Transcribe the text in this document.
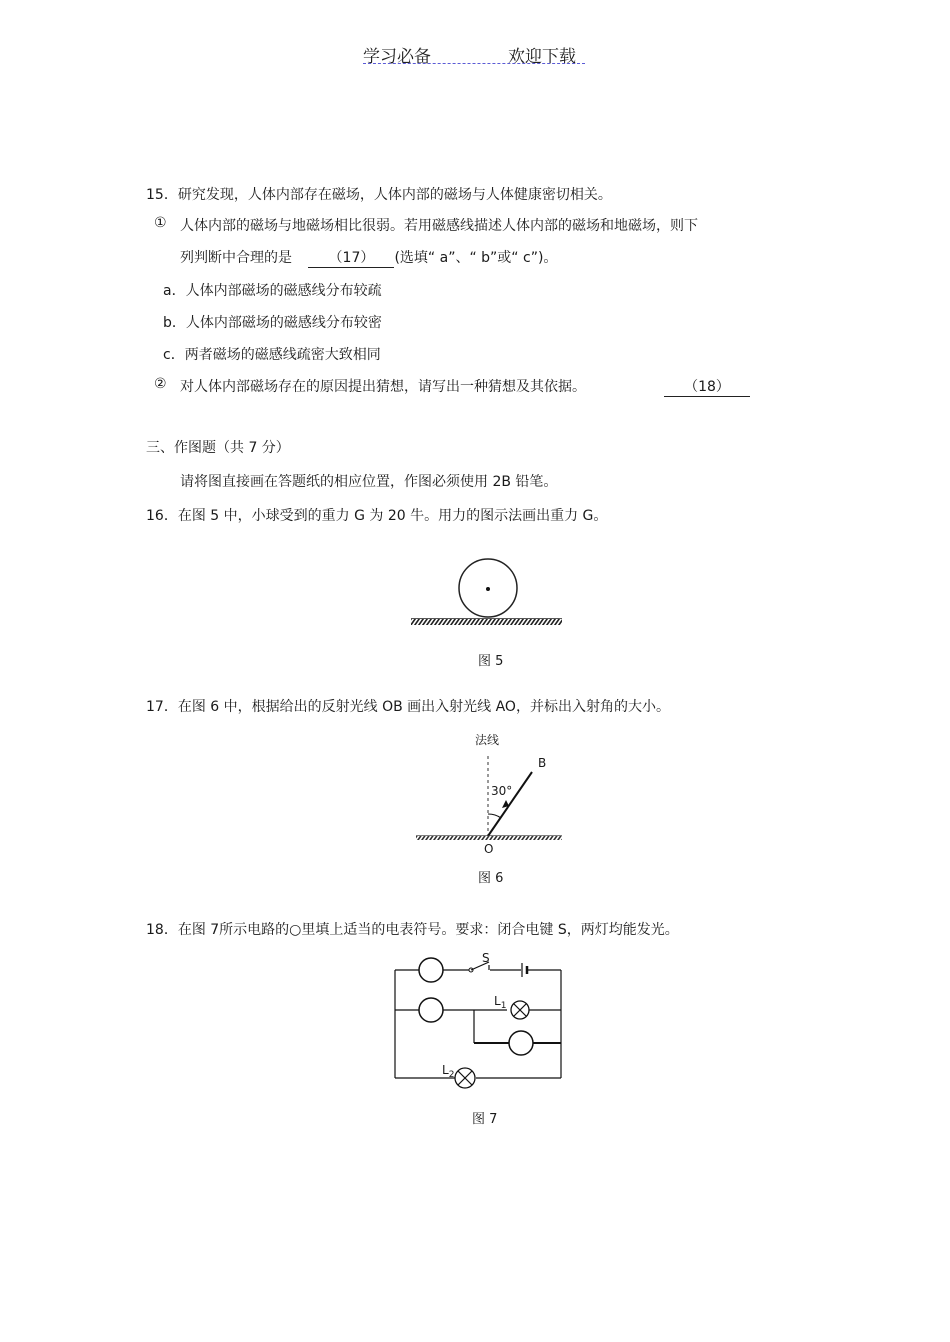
学习必备	欢迎下载
15．研究发现，人体内部存在磁场，人体内部的磁场与人体健康密切相关。
① 人体内部的磁场与地磁场相比很弱。若用磁感线描述人体内部的磁场和地磁场，则下
列判断中合理的是	（17） (选填“ a”、“ b”或“ c”)。
a．人体内部磁场的磁感线分布较疏
b．人体内部磁场的磁感线分布较密
c．两者磁场的磁感线疏密大致相同
② 对人体内部磁场存在的原因提出猜想，请写出一种猜想及其依据。	（18）
三、作图题（共 7 分）
请将图直接画在答题纸的相应位置，作图必须使用 2B 铅笔。
16．在图 5 中，小球受到的重力 G 为 20 牛。用力的图示法画出重力 G。
图 5
17．在图 6 中，根据给出的反射光线 OB 画出入射光线 AO，并标出入射角的大小。
法线
B
30°
O
图 6
18．在图 7所示电路的○里填上适当的电表符号。要求：闭合电键 S，两灯均能发光。
S
$L_1$
$L_2$
图 7
